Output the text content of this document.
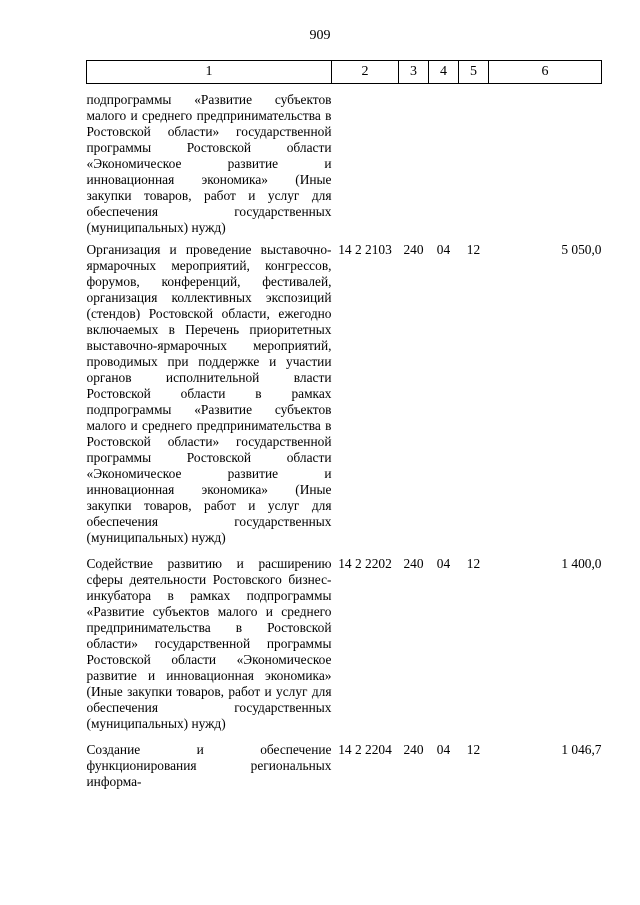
909
1	2	3	4	5	6
подпрограммы «Развитие субъектов малого и среднего предпринимательства в Ростовской области» государственной программы Ростовской области «Экономическое развитие и инновационная экономика» (Иные закупки товаров, работ и услуг для обеспечения государственных (муниципальных) нужд)					
Организация и проведение выставочно-ярмарочных мероприятий, конгрессов, форумов, конференций, фестивалей, организация коллективных экспозиций (стендов) Ростовской области, ежегодно включаемых в Перечень приоритетных выставочно-ярмарочных мероприятий, проводимых при поддержке и участии органов исполнительной власти Ростовской области в рамках подпрограммы «Развитие субъектов малого и среднего предпринимательства в Ростовской области» государственной программы Ростовской области «Экономическое развитие и инновационная экономика» (Иные закупки товаров, работ и услуг для обеспечения государственных (муниципальных) нужд)	14 2 2103	240	04	12	5 050,0
Содействие развитию и расширению сферы деятельности Ростовского бизнес-инкубатора в рамках подпрограммы «Развитие субъектов малого и среднего предпринимательства в Ростовской области» государственной программы Ростовской области «Экономическое развитие и инновационная экономика» (Иные закупки товаров, работ и услуг для обеспечения государственных (муниципальных) нужд)	14 2 2202	240	04	12	1 400,0
Создание и обеспечение функционирования региональных информа-	14 2 2204	240	04	12	1 046,7
